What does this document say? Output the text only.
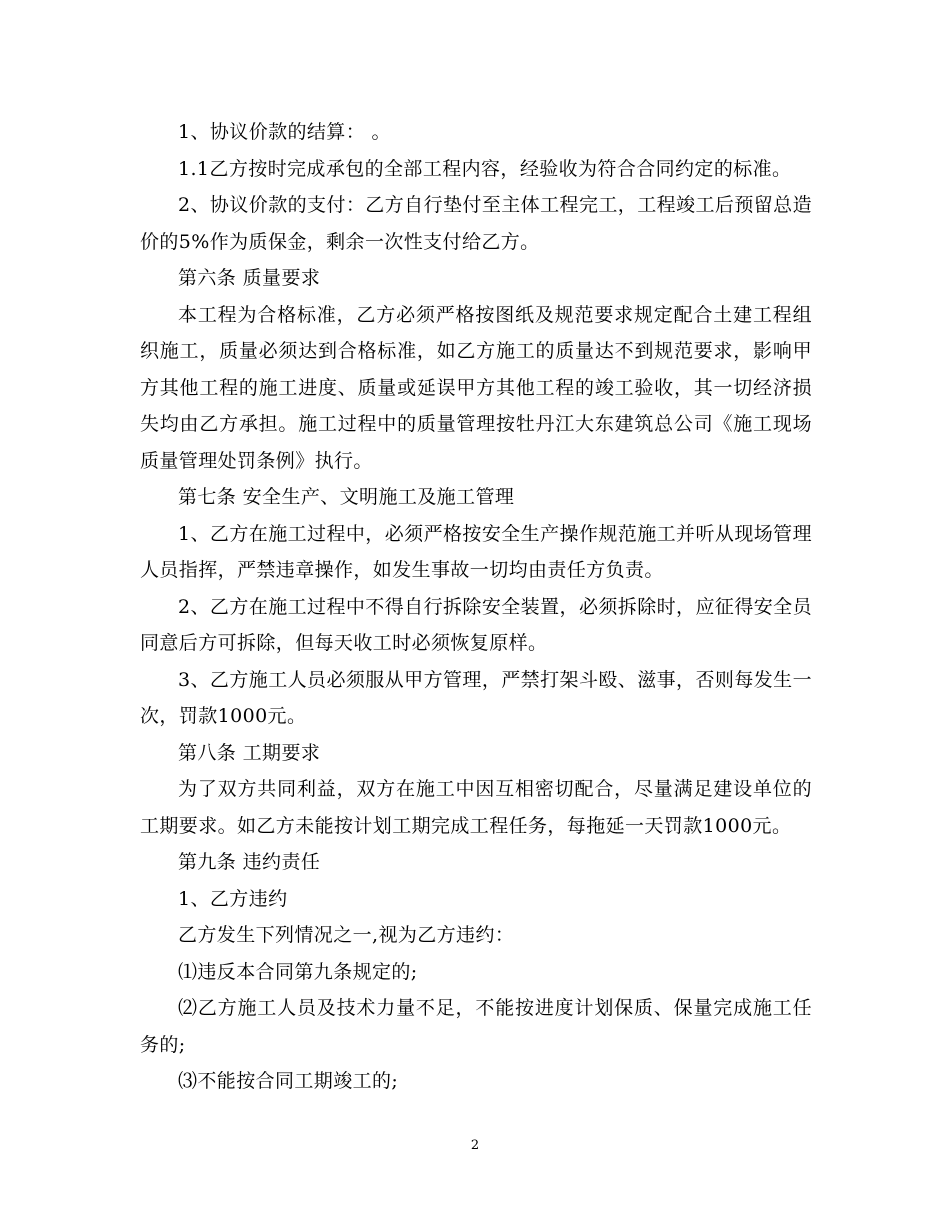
1、协议价款的结算： 。

1.1乙方按时完成承包的全部工程内容，经验收为符合合同约定的标准。

2、协议价款的支付：乙方自行垫付至主体工程完工，工程竣工后预留总造价的5%作为质保金，剩余一次性支付给乙方。

第六条 质量要求

本工程为合格标准，乙方必须严格按图纸及规范要求规定配合土建工程组织施工，质量必须达到合格标准，如乙方施工的质量达不到规范要求，影响甲方其他工程的施工进度、质量或延误甲方其他工程的竣工验收，其一切经济损失均由乙方承担。施工过程中的质量管理按牡丹江大东建筑总公司《施工现场质量管理处罚条例》执行。

第七条 安全生产、文明施工及施工管理

1、乙方在施工过程中，必须严格按安全生产操作规范施工并听从现场管理人员指挥，严禁违章操作，如发生事故一切均由责任方负责。

2、乙方在施工过程中不得自行拆除安全装置，必须拆除时，应征得安全员同意后方可拆除，但每天收工时必须恢复原样。

3、乙方施工人员必须服从甲方管理，严禁打架斗殴、滋事，否则每发生一次，罚款1000元。

第八条 工期要求

为了双方共同利益，双方在施工中因互相密切配合，尽量满足建设单位的工期要求。如乙方未能按计划工期完成工程任务，每拖延一天罚款1000元。

第九条 违约责任

1、乙方违约

乙方发生下列情况之一,视为乙方违约：

⑴违反本合同第九条规定的;

⑵乙方施工人员及技术力量不足，不能按进度计划保质、保量完成施工任务的;

⑶不能按合同工期竣工的;

2
